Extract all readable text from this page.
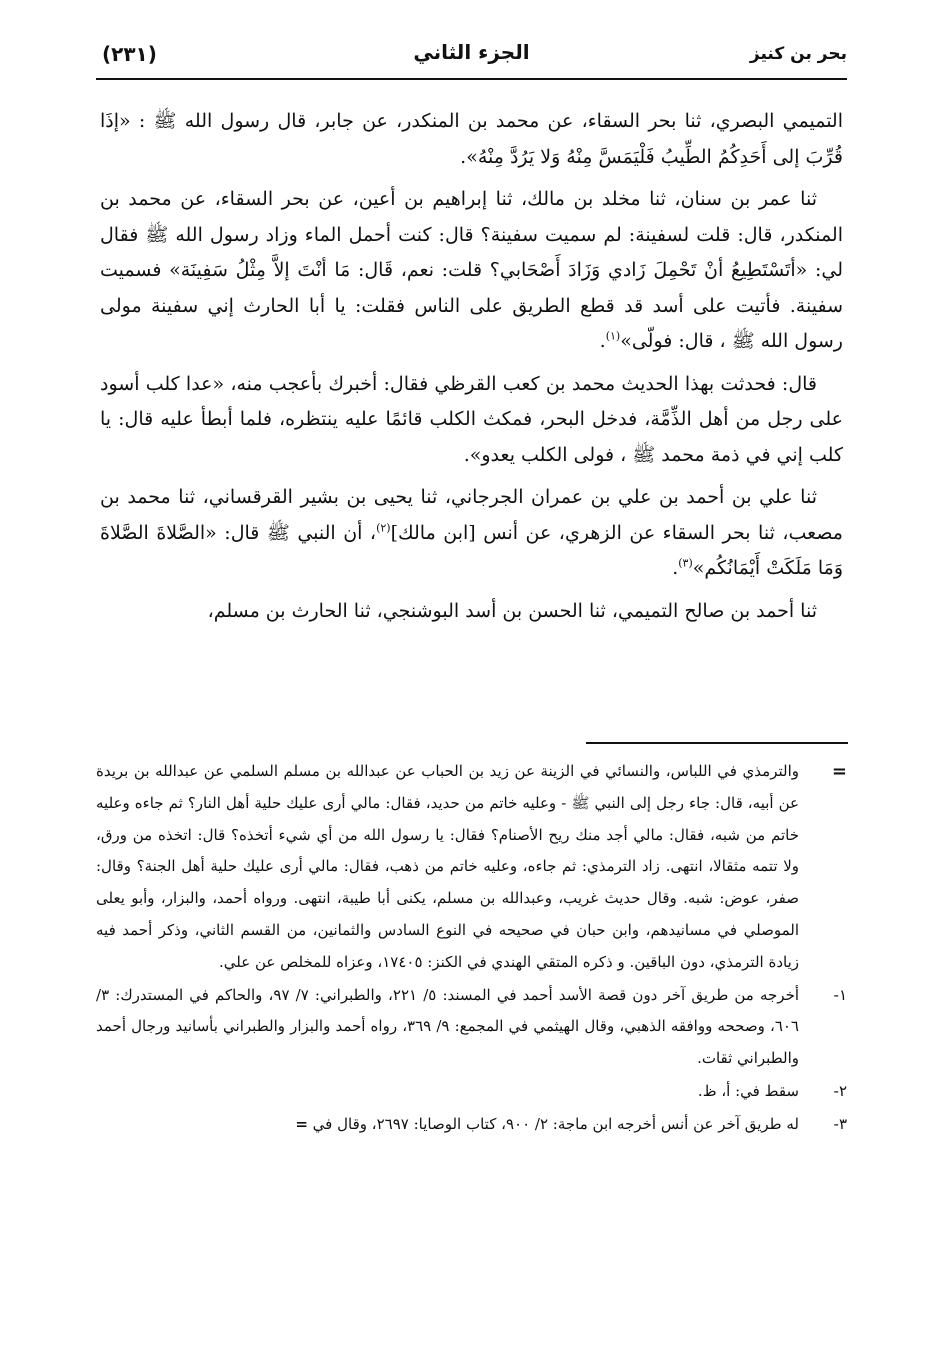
بحر بن كنيز
الجزء الثاني
(٢٣١)

التميمي البصري، ثنا بحر السقاء، عن محمد بن المنكدر، عن جابر، قال رسول الله ﷺ : «إذَا قُرِّبَ إلى أَحَدِكُمُ الطِّيبُ فَلْيَمَسَّ مِنْهُ وَلا يَرُدَّ مِنْهُ».

ثنا عمر بن سنان، ثنا مخلد بن مالك، ثنا إبراهيم بن أعين، عن بحر السقاء، عن محمد بن المنكدر، قال: قلت لسفينة: لم سميت سفينة؟ قال: كنت أحمل الماء وزاد رسول الله ﷺ فقال لي: «أتَسْتَطِيعُ أنْ تَحْمِلَ زَادي وَزَادَ أَصْحَابي؟ قلت: نعم، قَال: مَا أنْتَ إلاَّ مِثْلُ سَفِينَة» فسميت سفينة. فأتيت على أسد قد قطع الطريق على الناس فقلت: يا أبا الحارث إني سفينة مولى رسول الله ﷺ ، قال: فولّى»$^{(١)}$.

قال: فحدثت بهذا الحديث محمد بن كعب القرظي فقال: أخبرك بأعجب منه، «عدا كلب أسود على رجل من أهل الذِّمَّة، فدخل البحر، فمكث الكلب قائمًا عليه ينتظره، فلما أبطأ عليه قال: يا كلب إني في ذمة محمد ﷺ ، فولى الكلب يعدو».

ثنا علي بن أحمد بن علي بن عمران الجرجاني، ثنا يحيى بن بشير القرقساني، ثنا محمد بن مصعب، ثنا بحر السقاء عن الزهري، عن أنس [ابن مالك]$^{(٢)}$، أن النبي ﷺ قال: «الصَّلاةَ الصَّلاةَ وَمَا مَلَكَتْ أَيْمَانُكُم»$^{(٣)}$.

ثنا أحمد بن صالح التميمي، ثنا الحسن بن أسد البوشنجي، ثنا الحارث بن مسلم،

=
والترمذي في اللباس، والنسائي في الزينة عن زيد بن الحباب عن عبدالله بن مسلم السلمي عن عبدالله بن بريدة عن أبيه، قال: جاء رجل إلى النبي ﷺ - وعليه خاتم من حديد، فقال: مالي أرى عليك حلية أهل النار؟ ثم جاءه وعليه خاتم من شبه، فقال: مالي أجد منك ريح الأصنام؟ فقال: يا رسول الله من أي شيء أتخذه؟ قال: اتخذه من ورق، ولا تتمه مثقالا، انتهى. زاد الترمذي: ثم جاءه، وعليه خاتم من ذهب، فقال: مالي أرى عليك حلية أهل الجنة؟ وقال: صفر، عوض: شبه. وقال حديث غريب، وعبدالله بن مسلم، يكنى أبا طيبة، انتهى. ورواه أحمد، والبزار، وأبو يعلى الموصلي في مسانيدهم، وابن حبان في صحيحه في النوع السادس والثمانين، من القسم الثاني، وذكر أحمد فيه زيادة الترمذي، دون الباقين. و ذكره المتقي الهندي في الكنز: ١٧٤٠٥، وعزاه للمخلص عن علي.

١-
أخرجه من طريق آخر دون قصة الأسد أحمد في المسند: ٥/ ٢٢١، والطبراني: ٧/ ٩٧، والحاكم في المستدرك: ٣/ ٦٠٦، وصححه ووافقه الذهبي، وقال الهيثمي في المجمع: ٩/ ٣٦٩، رواه أحمد والبزار والطبراني بأسانيد ورجال أحمد والطبراني ثقات.

٢-
سقط في: أ، ظ.

٣-
له طريق آخر عن أنس أخرجه ابن ماجة: ٢/ ٩٠٠، كتاب الوصايا: ٢٦٩٧، وقال في =
